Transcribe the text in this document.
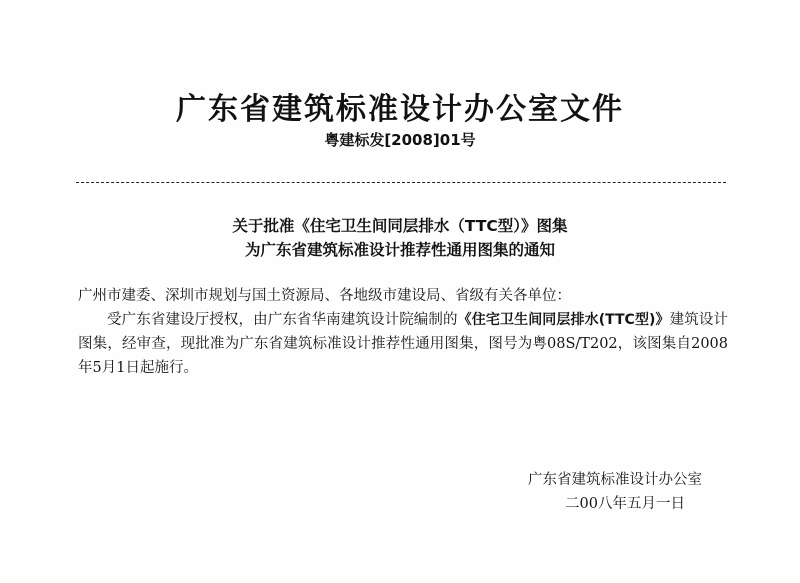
广东省建筑标准设计办公室文件
粤建标发[2008]01号
关于批准《住宅卫生间同层排水（TTC型）》图集
为广东省建筑标准设计推荐性通用图集的通知
广州市建委、深圳市规划与国土资源局、各地级市建设局、省级有关各单位：
受广东省建设厅授权，由广东省华南建筑设计院编制的《住宅卫生间同层排水(TTC型)》建筑设计图集，经审查，现批准为广东省建筑标准设计推荐性通用图集，图号为粤08S/T202，该图集自2008年5月1日起施行。
广东省建筑标准设计办公室
二00八年五月一日
